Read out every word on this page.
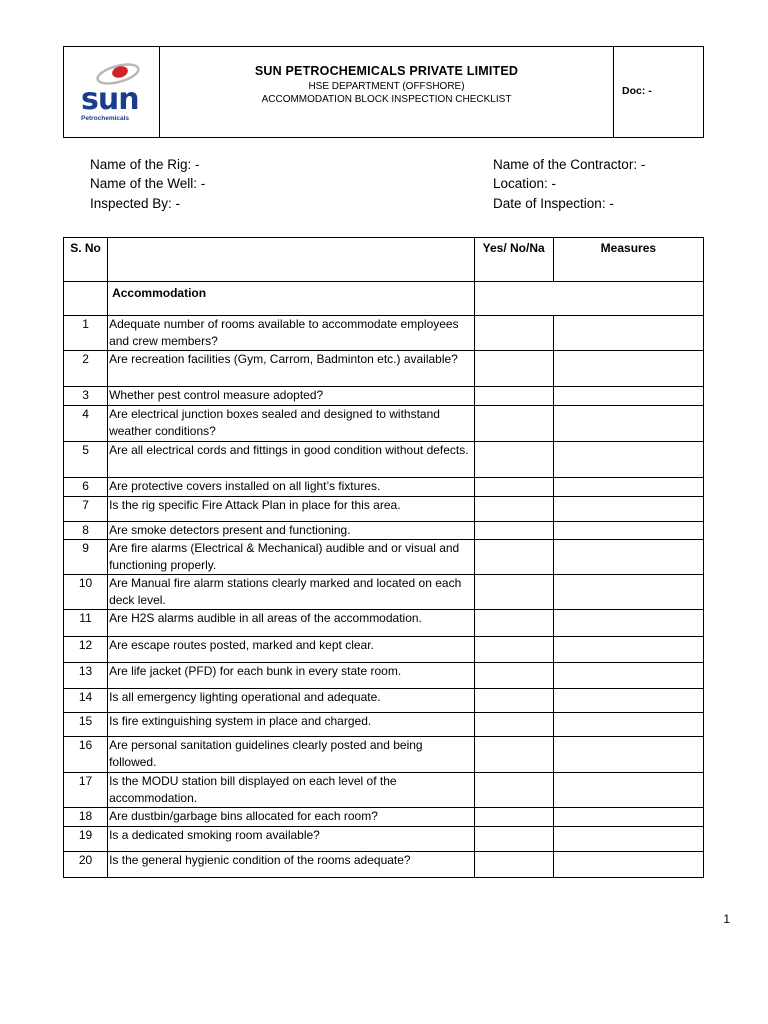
sun
Petrochemicals
SUN PETROCHEMICALS PRIVATE LIMITED
HSE DEPARTMENT (OFFSHORE)
ACCOMMODATION BLOCK INSPECTION CHECKLIST
Doc: -
Name of the Rig: -
Name of the Well: -
Inspected By: -
Name of the Contractor: -
Location: -
Date of Inspection: -
S. No		Yes/ No/Na	Measures
	Accommodation		
1	Adequate number of rooms available to accommodate employees and crew members?		
2	Are recreation facilities (Gym, Carrom, Badminton etc.) available?		
3	Whether pest control measure adopted?		
4	Are electrical junction boxes sealed and designed to withstand weather conditions?		
5	Are all electrical cords and fittings in good condition without defects.		
6	Are protective covers installed on all light’s fixtures.		
7	Is the rig specific Fire Attack Plan in place for this area.		
8	Are smoke detectors present and functioning.		
9	Are fire alarms (Electrical & Mechanical) audible and or visual and functioning properly.		
10	Are Manual fire alarm stations clearly marked and located on each deck level.		
11	Are H2S alarms audible in all areas of the accommodation.		
12	Are escape routes posted, marked and kept clear.		
13	Are life jacket (PFD) for each bunk in every state room.		
14	Is all emergency lighting operational and adequate.		
15	Is fire extinguishing system in place and charged.		
16	Are personal sanitation guidelines clearly posted and being followed.		
17	Is the MODU station bill displayed on each level of the accommodation.		
18	Are dustbin/garbage bins allocated for each room?		
19	Is a dedicated smoking room available?		
20	Is the general hygienic condition of the rooms adequate?		
1
